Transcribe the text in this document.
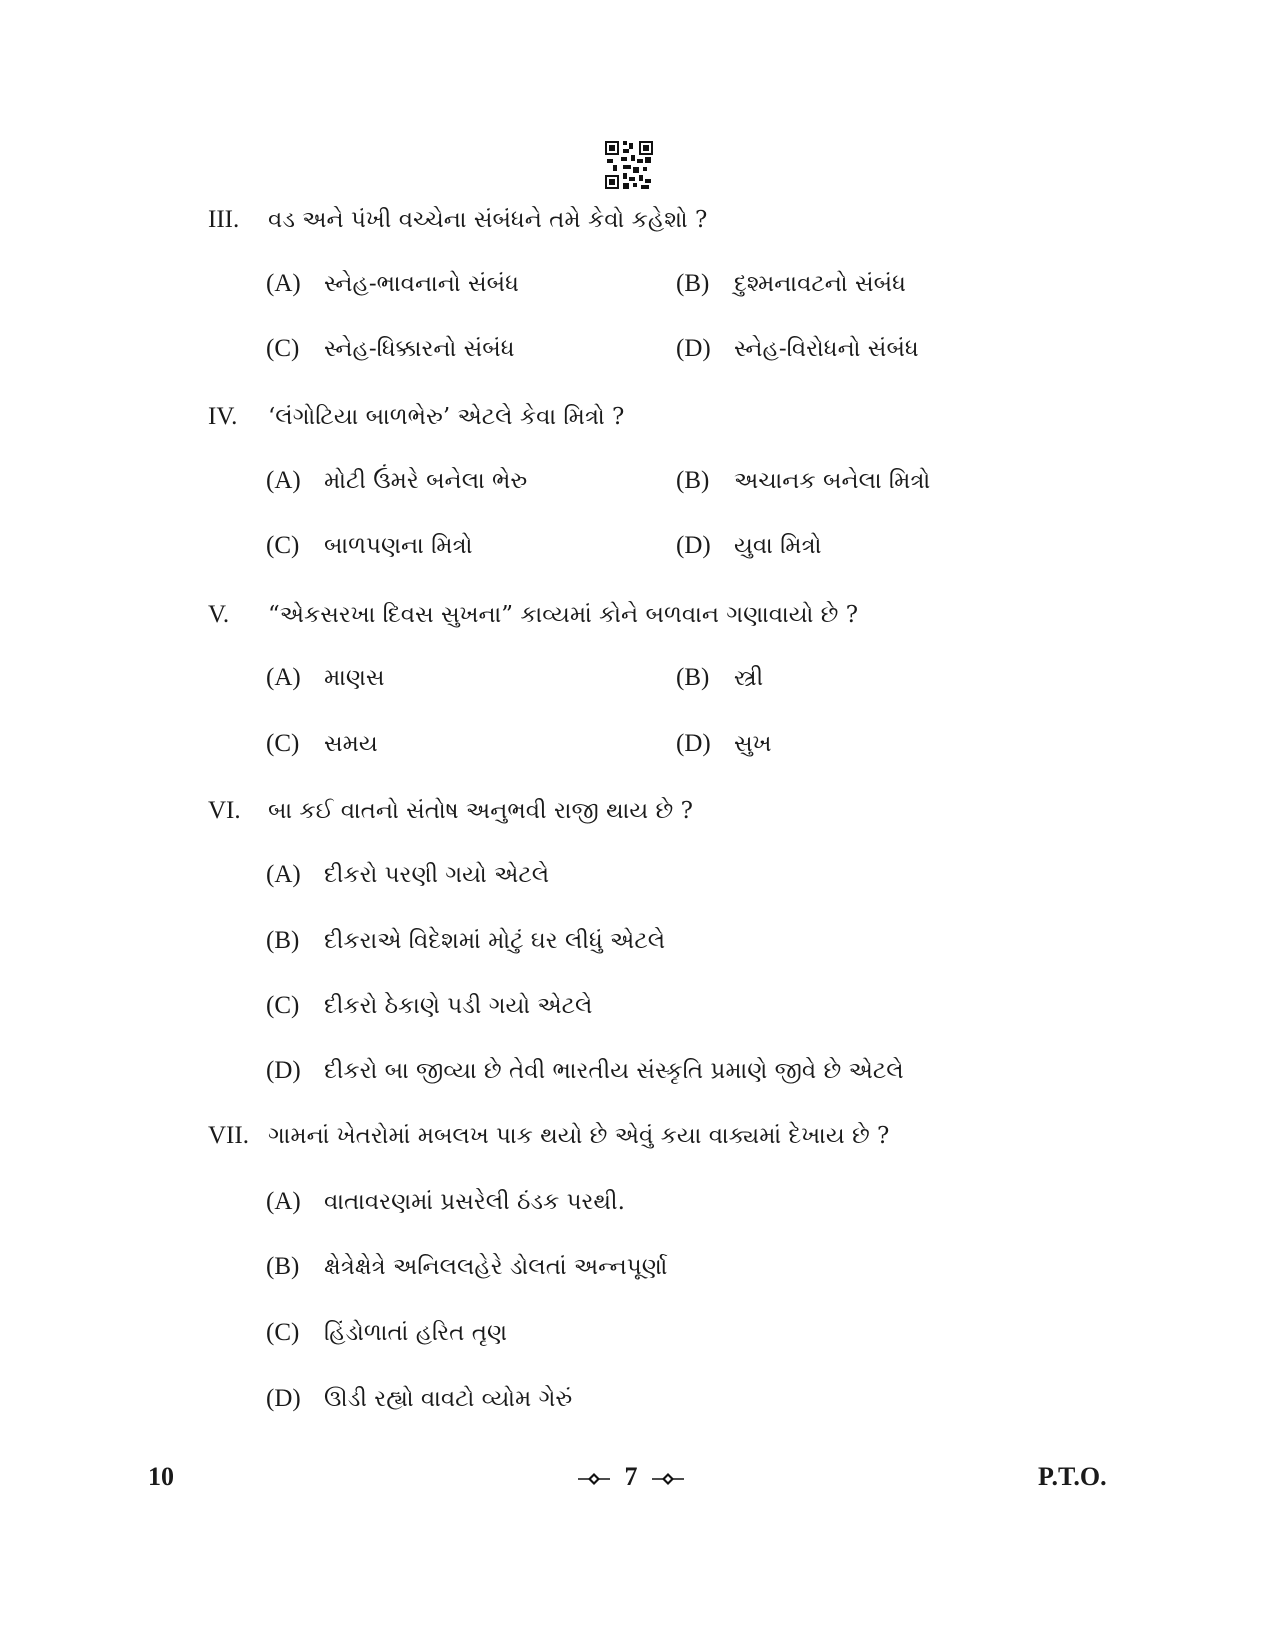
III. વડ અને પંખી વચ્ચેના સંબંધને તમે કેવો કહેશો ?
(A) સ્નેહ-ભાવનાનો સંબંધ	(B) દુશ્મનાવટનો સંબંધ
(C) સ્નેહ-ધિક્કારનો સંબંધ	(D) સ્નેહ-વિરોધનો સંબંધ
IV. ‘લંગોટિયા બાળભેરુ’ એટલે કેવા મિત્રો ?
(A) મોટી ઉંમરે બનેલા ભેરુ	(B) અચાનક બનેલા મિત્રો
(C) બાળપણના મિત્રો	(D) યુવા મિત્રો
V. “એકસરખા દિવસ સુખના” કાવ્યમાં કોને બળવાન ગણાવાયો છે ?
(A) માણસ	(B) સ્ત્રી
(C) સમય	(D) સુખ
VI. બા કઈ વાતનો સંતોષ અનુભવી રાજી થાય છે ?
(A) દીકરો પરણી ગયો એટલે
(B) દીકરાએ વિદેશમાં મોટું ઘર લીધું એટલે
(C) દીકરો ઠેકાણે પડી ગયો એટલે
(D) દીકરો બા જીવ્યા છે તેવી ભારતીય સંસ્કૃતિ પ્રમાણે જીવે છે એટલે
VII. ગામનાં ખેતરોમાં મબલખ પાક થયો છે એવું કયા વાક્યમાં દેખાય છે ?
(A) વાતાવરણમાં પ્રસરેલી ઠંડક પરથી.
(B) ક્ષેત્રેક્ષેત્રે અનિલલહેરે ડોલતાં અન્નપૂર્ણા
(C) હિંડોળાતાં હરિત તૃણ
(D) ઊડી રહ્યો વાવટો વ્યોમ ગેરું
10	7	P.T.O.
